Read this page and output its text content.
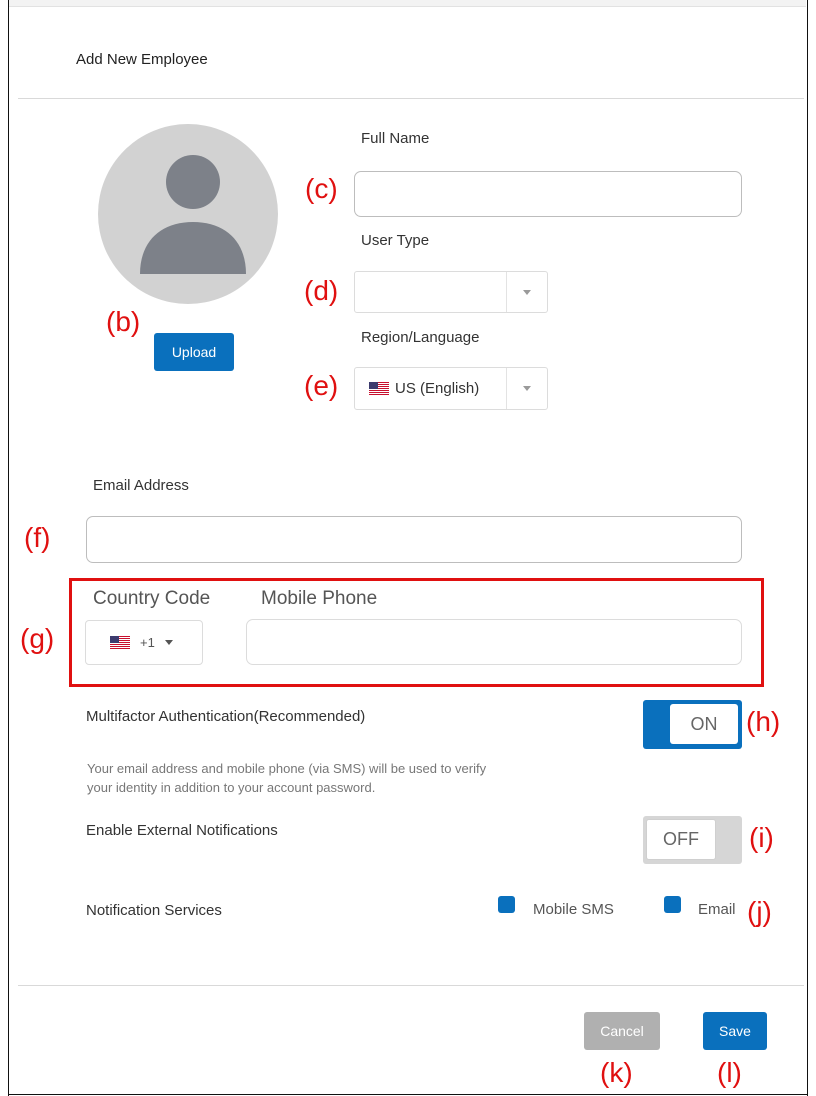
Add New Employee
(b)
Upload
Full Name
(c)
User Type
(d)
Region/Language
(e)	US (English)
Email Address
(f)
(g)
Country Code	Mobile Phone
+1
Multifactor Authentication(Recommended)	ON	(h)
Your email address and mobile phone (via SMS) will be used to verify
your identity in addition to your account password.
Enable External Notifications	OFF	(i)
Notification Services	Mobile SMS	Email (j)
Cancel	Save
(k)	(l)
